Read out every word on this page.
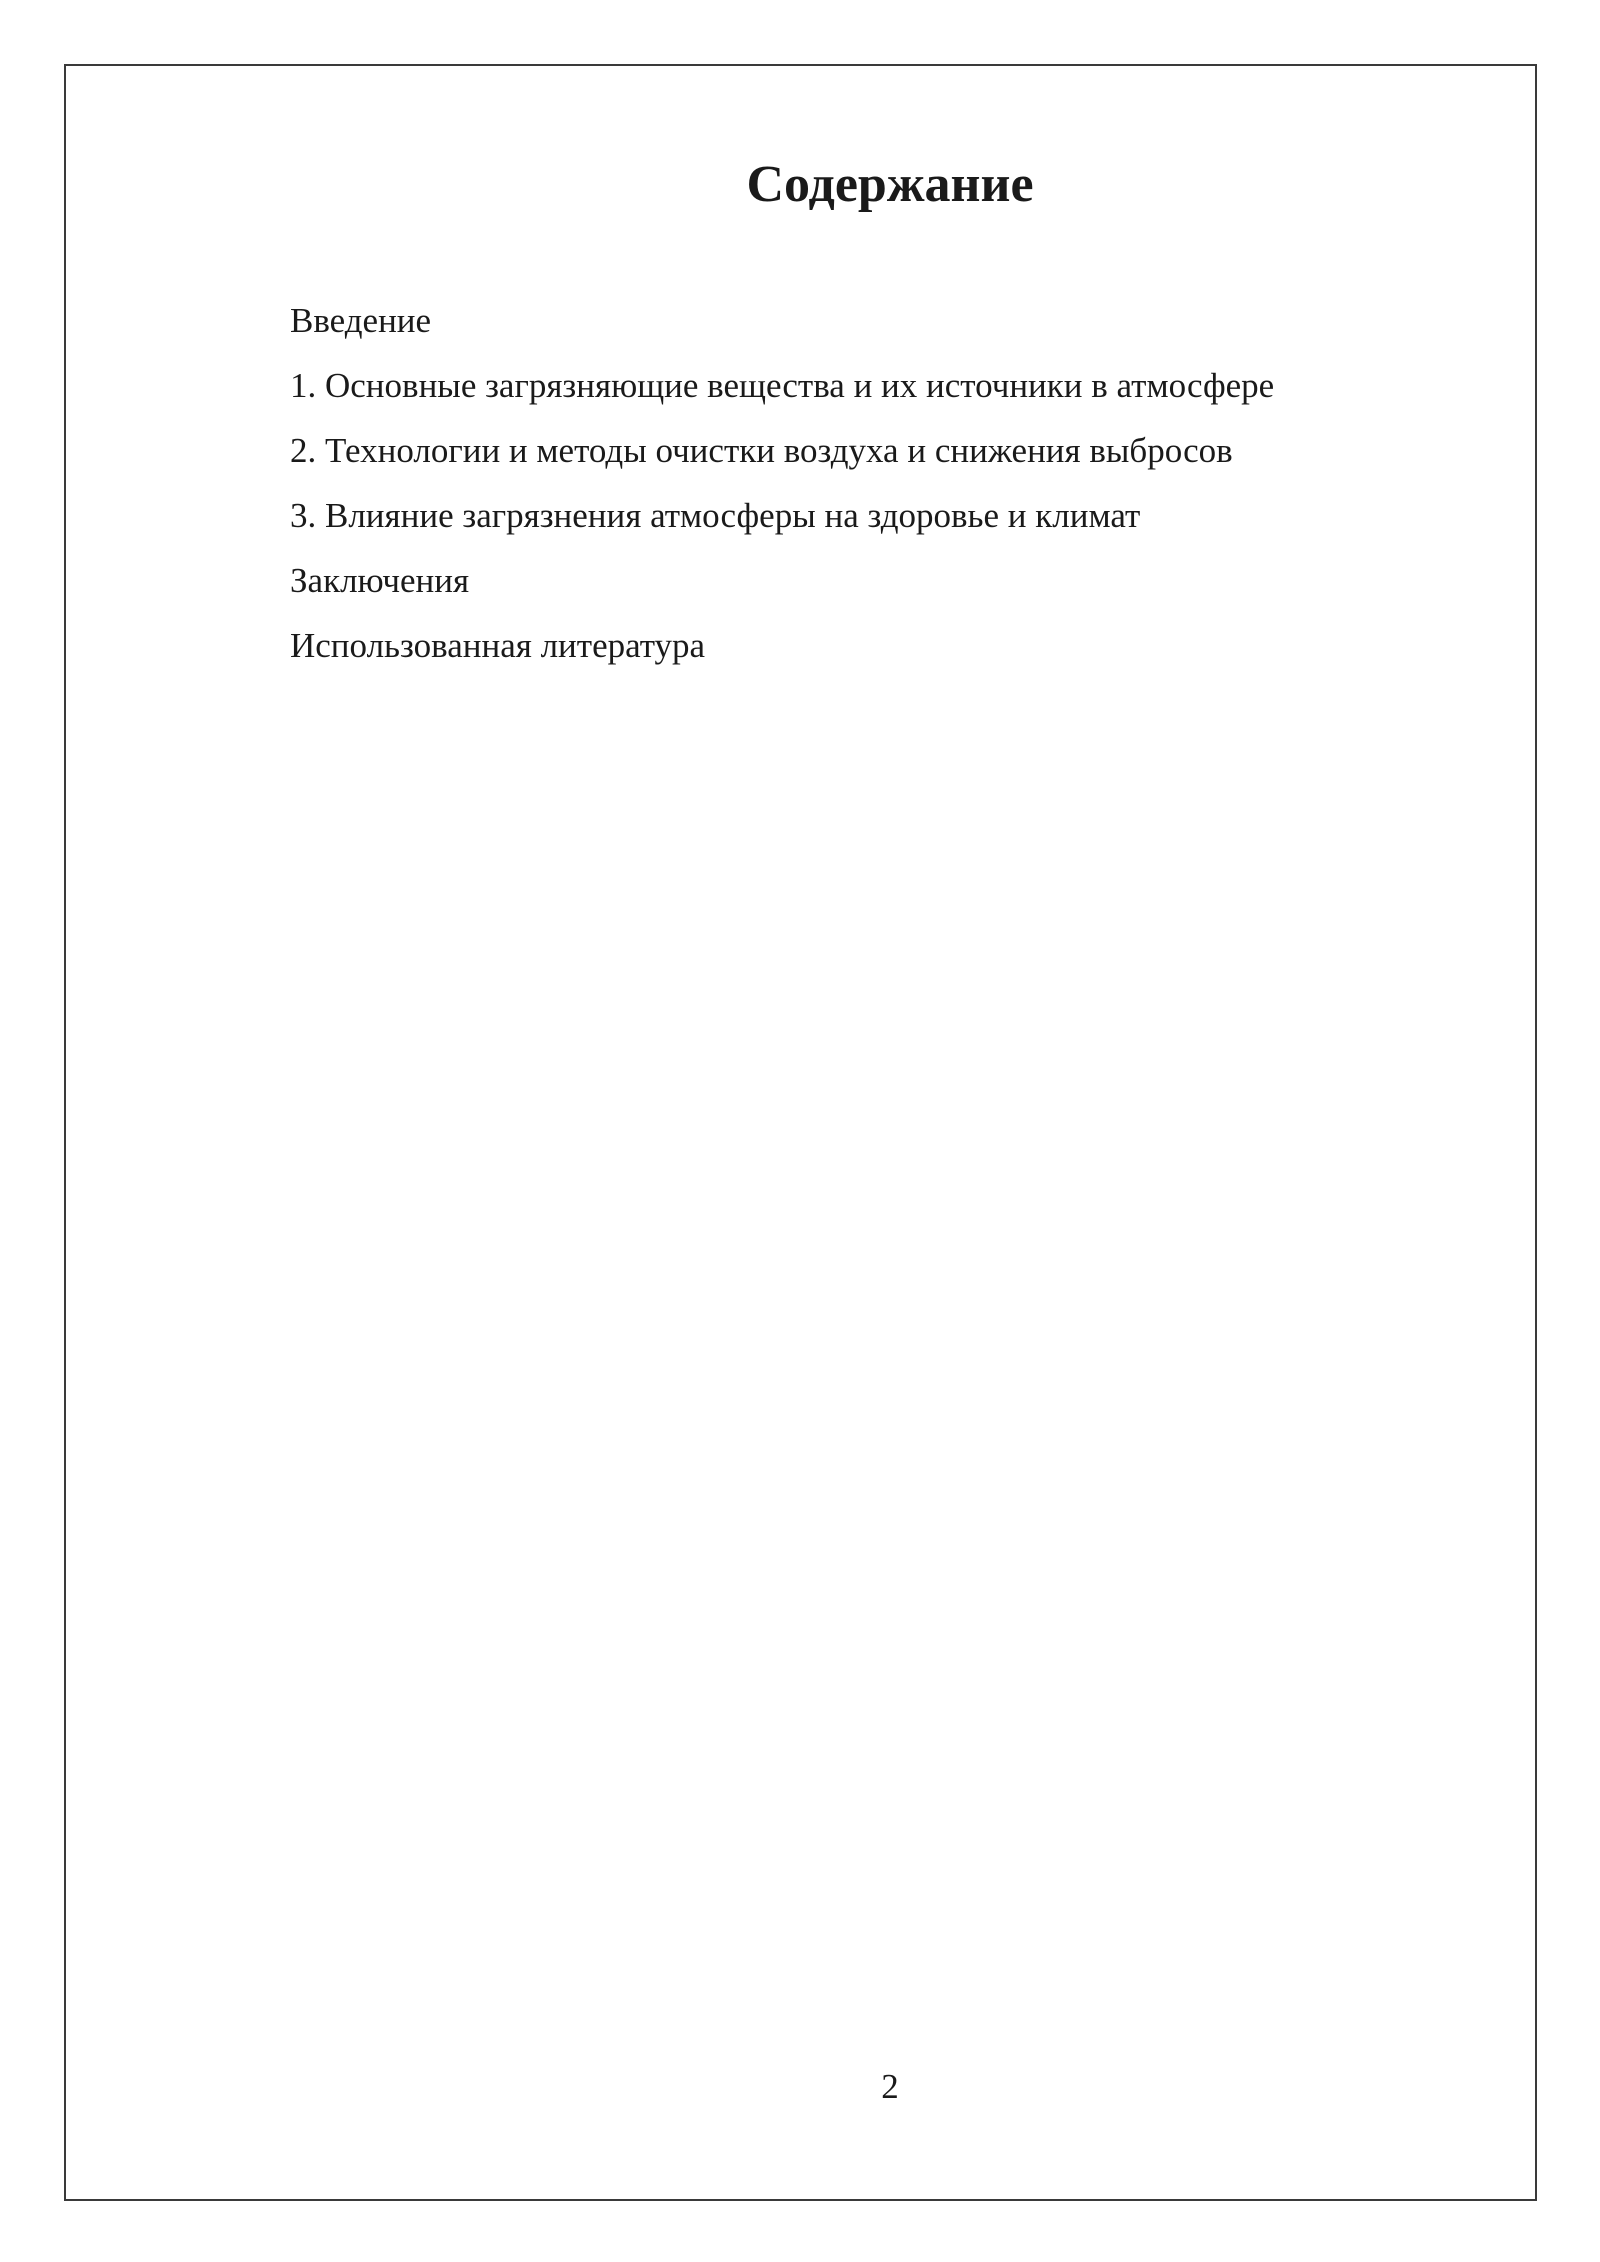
Содержание
Введение
1. Основные загрязняющие вещества и их источники в атмосфере
2. Технологии и методы очистки воздуха и снижения выбросов
3. Влияние загрязнения атмосферы на здоровье и климат
Заключения
Использованная литература
2
